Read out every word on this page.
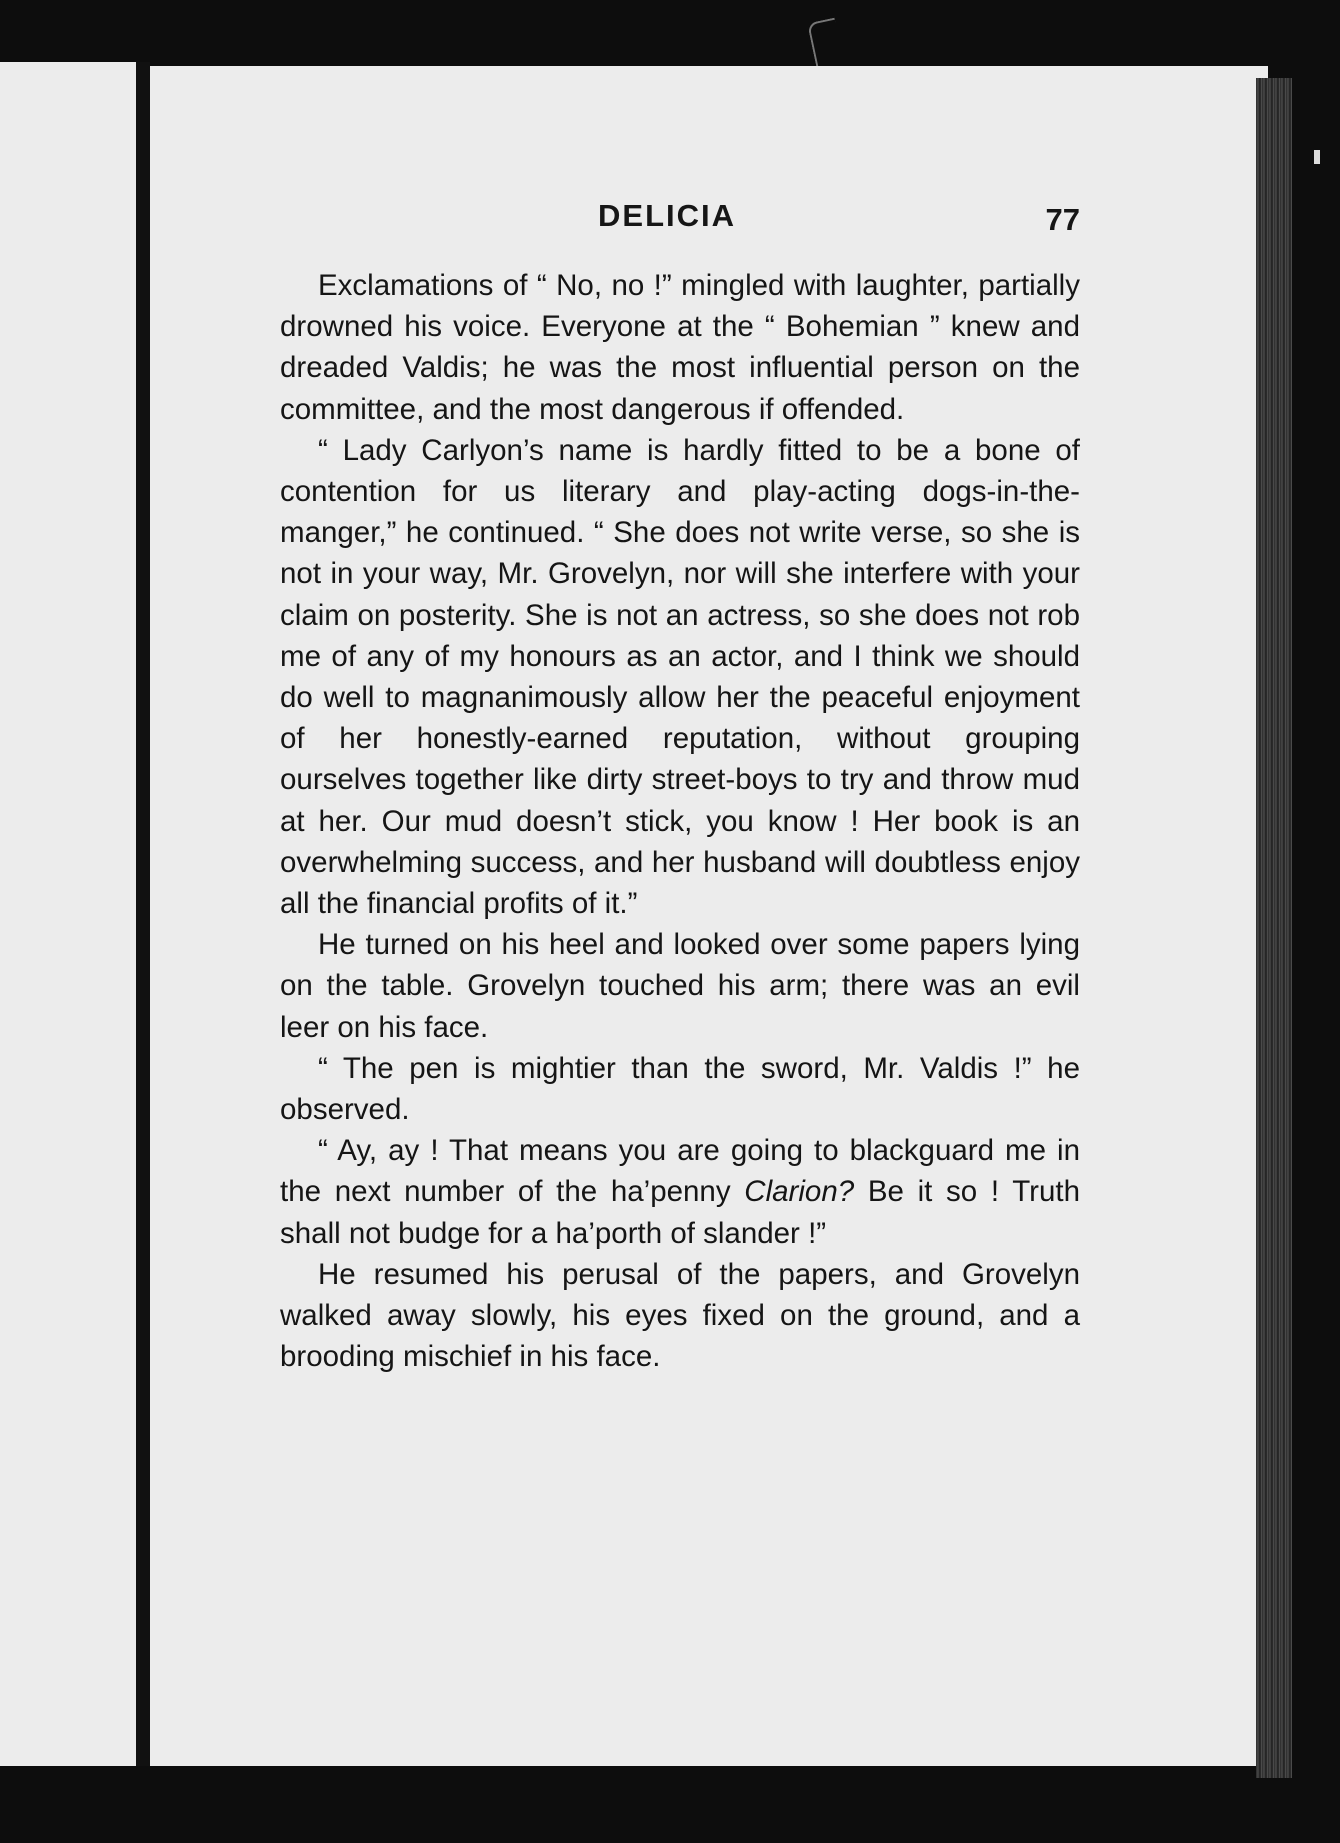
DELICIA	77

Exclamations of “ No, no !” mingled with laughter, partially drowned his voice. Everyone at the “ Bohemian ” knew and dreaded Valdis; he was the most influential person on the committee, and the most dangerous if offended.

“ Lady Carlyon’s name is hardly fitted to be a bone of contention for us literary and play-acting dogs-in-the-manger,” he continued. “ She does not write verse, so she is not in your way, Mr. Grovelyn, nor will she interfere with your claim on posterity. She is not an actress, so she does not rob me of any of my honours as an actor, and I think we should do well to magnanimously allow her the peaceful enjoyment of her honestly-earned reputation, without grouping ourselves together like dirty street-boys to try and throw mud at her. Our mud doesn’t stick, you know ! Her book is an overwhelming success, and her husband will doubtless enjoy all the financial profits of it.”

He turned on his heel and looked over some papers lying on the table. Grovelyn touched his arm; there was an evil leer on his face.

“ The pen is mightier than the sword, Mr. Valdis !” he observed.

“ Ay, ay ! That means you are going to blackguard me in the next number of the ha’penny Clarion? Be it so ! Truth shall not budge for a ha’porth of slander !”

He resumed his perusal of the papers, and Grovelyn walked away slowly, his eyes fixed on the ground, and a brooding mischief in his face.
